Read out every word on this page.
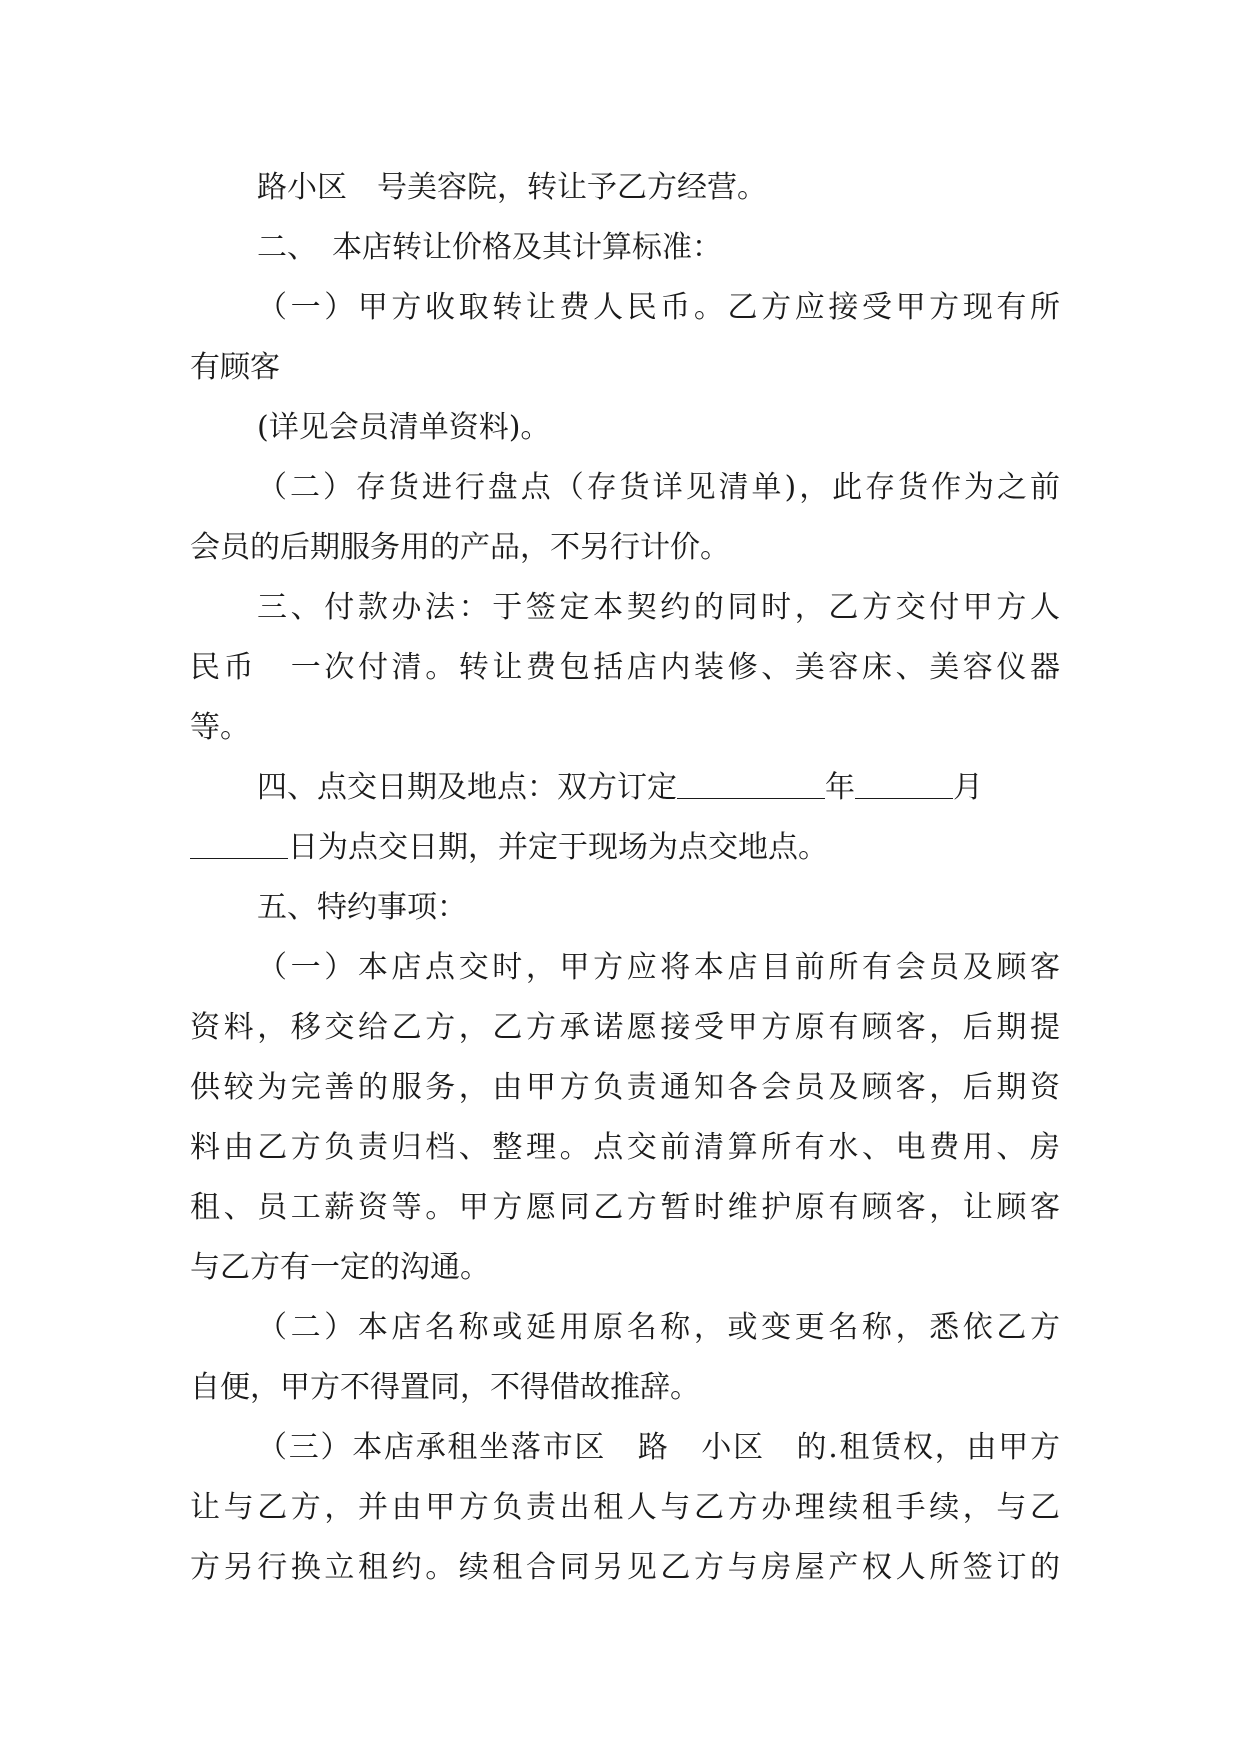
路小区　号美容院，转让予乙方经营。
二、　本店转让价格及其计算标准：
（一）甲方收取转让费人民币。乙方应接受甲方现有所
有顾客
(详见会员清单资料)。
（二）存货进行盘点（存货详见清单)，此存货作为之前
会员的后期服务用的产品，不另行计价。
三、付款办法：于签定本契约的同时，乙方交付甲方人
民币　一次付清。转让费包括店内装修、美容床、美容仪器
等。
四、点交日期及地点：双方订定	年	月
日为点交日期，并定于现场为点交地点。
五、特约事项：
（一）本店点交时，甲方应将本店目前所有会员及顾客
资料，移交给乙方，乙方承诺愿接受甲方原有顾客，后期提
供较为完善的服务，由甲方负责通知各会员及顾客，后期资
料由乙方负责归档、整理。点交前清算所有水、电费用、房
租、员工薪资等。甲方愿同乙方暂时维护原有顾客，让顾客
与乙方有一定的沟通。
（二）本店名称或延用原名称，或变更名称，悉依乙方
自便，甲方不得置同，不得借故推辞。
（三）本店承租坐落市区　路　小区　的.租赁权，由甲方
让与乙方，并由甲方负责出租人与乙方办理续租手续，与乙
方另行换立租约。续租合同另见乙方与房屋产权人所签订的
